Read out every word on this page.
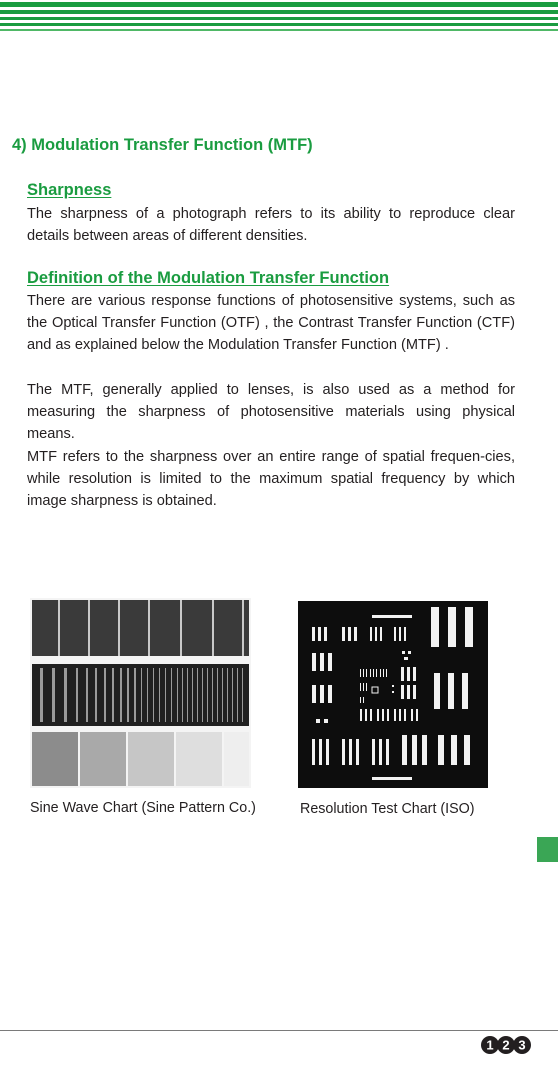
4) Modulation Transfer Function (MTF)
Sharpness

The sharpness of a photograph refers to its ability to reproduce clear details between areas of different densities.

Definition of the Modulation Transfer Function

There are various response functions of photosensitive systems, such as the Optical Transfer Function (OTF) , the Contrast Transfer Function (CTF) and as explained below the Modulation Transfer Function (MTF) .

The MTF, generally applied to lenses, is also used as a method for measuring the sharpness of photosensitive materials using physical means.

MTF refers to the sharpness over an entire range of spatial frequen-cies, while resolution is limited to the maximum spatial frequency by which image sharpness is obtained.

Sine Wave Chart (Sine Pattern Co.)	Resolution Test Chart (ISO)

1 2 3
